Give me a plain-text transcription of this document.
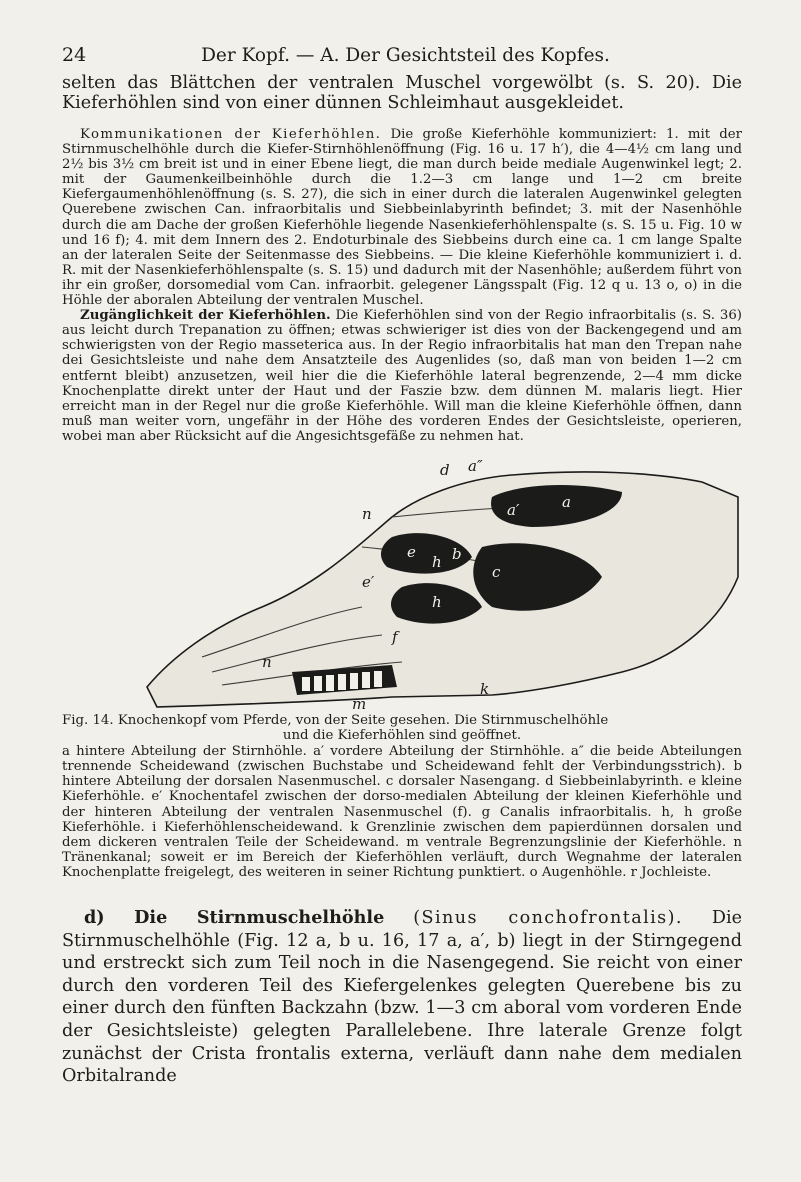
24	Der Kopf. — A. Der Gesichtsteil des Kopfes.

selten das Blättchen der ventralen Muschel vorgewölbt (s. S. 20). Die Kieferhöhlen sind von einer dünnen Schleimhaut ausgekleidet.

Kommunikationen der Kieferhöhlen. Die große Kieferhöhle kommuniziert: 1. mit der Stirnmuschelhöhle durch die Kiefer-Stirnhöhlenöffnung (Fig. 16 u. 17 h′), die 4—4½ cm lang und 2½ bis 3½ cm breit ist und in einer Ebene liegt, die man durch beide mediale Augenwinkel legt; 2. mit der Gaumenkeilbeinhöhle durch die 1.2—3 cm lange und 1—2 cm breite Kiefergaumenhöhlenöffnung (s. S. 27), die sich in einer durch die lateralen Augenwinkel gelegten Querebene zwischen Can. infraorbitalis und Siebbeinlabyrinth befindet; 3. mit der Nasenhöhle durch die am Dache der großen Kieferhöhle liegende Nasenkieferhöhlenspalte (s. S. 15 u. Fig. 10 w und 16 f); 4. mit dem Innern des 2. Endoturbinale des Siebbeins durch eine ca. 1 cm lange Spalte an der lateralen Seite der Seitenmasse des Siebbeins. — Die kleine Kieferhöhle kommuniziert i. d. R. mit der Nasenkieferhöhlenspalte (s. S. 15) und dadurch mit der Nasenhöhle; außerdem führt von ihr ein großer, dorsomedial vom Can. infraorbit. gelegener Längsspalt (Fig. 12 q u. 13 o, o) in die Höhle der aboralen Abteilung der ventralen Muschel.

Zugänglichkeit der Kieferhöhlen. Die Kieferhöhlen sind von der Regio infraorbitalis (s. S. 36) aus leicht durch Trepanation zu öffnen; etwas schwieriger ist dies von der Backengegend und am schwierigsten von der Regio masseterica aus. In der Regio infraorbitalis hat man den Trepan nahe dei Gesichtsleiste und nahe dem Ansatzteile des Augenlides (so, daß man von beiden 1—2 cm entfernt bleibt) anzusetzen, weil hier die die Kieferhöhle lateral begrenzende, 2—4 mm dicke Knochenplatte direkt unter der Haut und der Faszie bzw. dem dünnen M. malaris liegt. Hier erreicht man in der Regel nur die große Kieferhöhle. Will man die kleine Kieferhöhle öffnen, dann muß man weiter vorn, ungefähr in der Höhe des vorderen Endes der Gesichtsleiste, operieren, wobei man aber Rücksicht auf die Angesichtsgefäße zu nehmen hat.

d a″
n
a
a′
b
c
e
h
e′
h
f
n
m
k

Fig. 14. Knochenkopf vom Pferde, von der Seite gesehen. Die Stirnmuschelhöhle

und die Kieferhöhlen sind geöffnet.

a hintere Abteilung der Stirnhöhle. a′ vordere Abteilung der Stirnhöhle. a″ die beide Abteilungen trennende Scheidewand (zwischen Buchstabe und Scheidewand fehlt der Verbindungsstrich). b hintere Abteilung der dorsalen Nasenmuschel. c dorsaler Nasengang. d Siebbeinlabyrinth. e kleine Kieferhöhle. e′ Knochentafel zwischen der dorso-medialen Abteilung der kleinen Kieferhöhle und der hinteren Abteilung der ventralen Nasenmuschel (f). g Canalis infraorbitalis. h, h große Kieferhöhle. i Kieferhöhlenscheidewand. k Grenzlinie zwischen dem papierdünnen dorsalen und dem dickeren ventralen Teile der Scheidewand. m ventrale Begrenzungslinie der Kieferhöhle. n Tränenkanal; soweit er im Bereich der Kieferhöhlen verläuft, durch Wegnahme der lateralen Knochenplatte freigelegt, des weiteren in seiner Richtung punktiert. o Augenhöhle. r Jochleiste.

d) Die Stirnmuschelhöhle (Sinus conchofrontalis). Die Stirnmuschelhöhle (Fig. 12 a, b u. 16, 17 a, a′, b) liegt in der Stirngegend und erstreckt sich zum Teil noch in die Nasengegend. Sie reicht von einer durch den vorderen Teil des Kiefergelenkes gelegten Querebene bis zu einer durch den fünften Backzahn (bzw. 1—3 cm aboral vom vorderen Ende der Gesichtsleiste) gelegten Parallelebene. Ihre laterale Grenze folgt zunächst der Crista frontalis externa, verläuft dann nahe dem medialen Orbitalrande
